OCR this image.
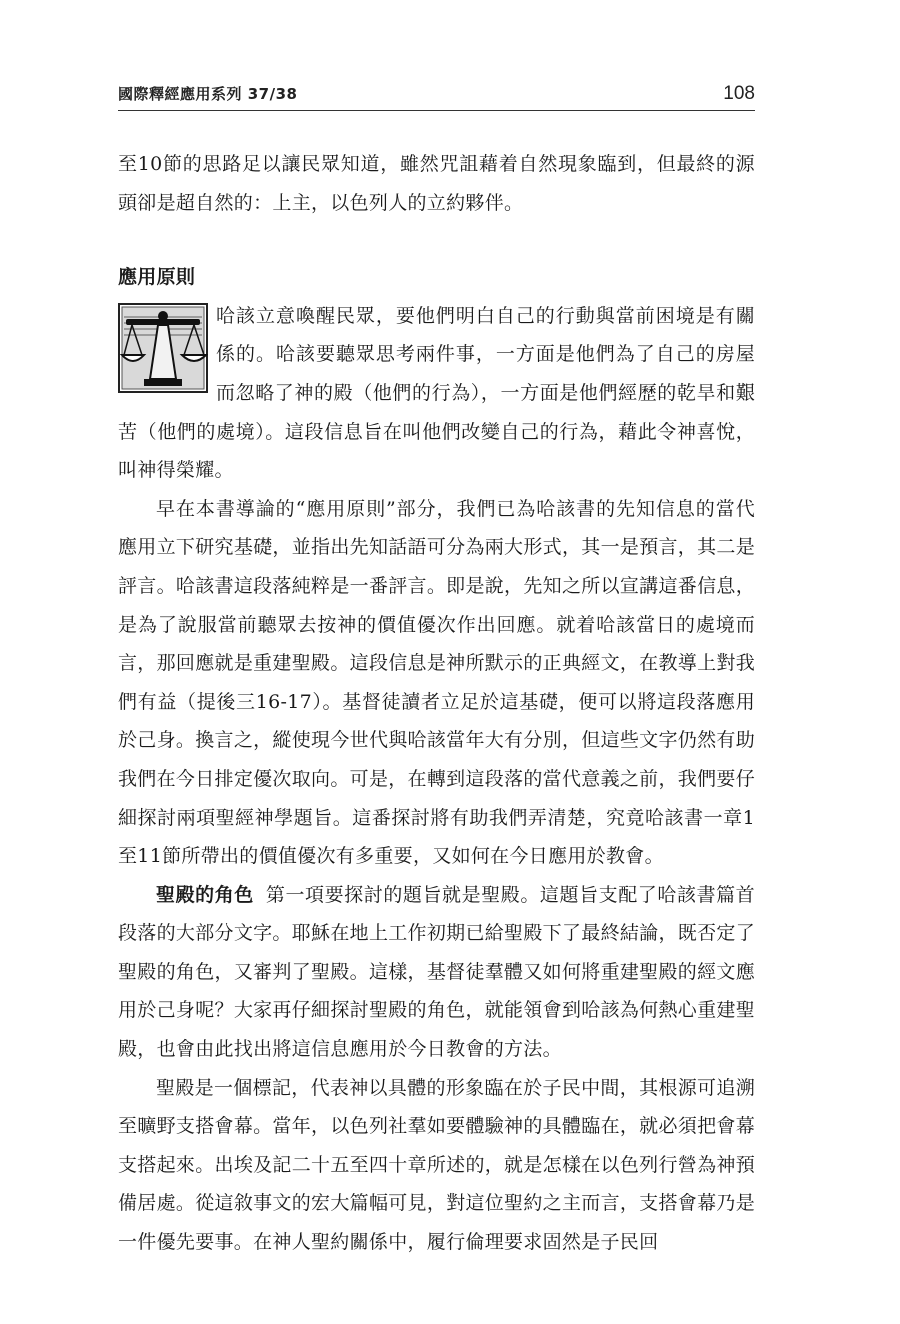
國際釋經應用系列 37/38	108

至10節的思路足以讓民眾知道，雖然咒詛藉着自然現象臨到，但最終的源頭卻是超自然的：上主，以色列人的立約夥伴。

應用原則

哈該立意喚醒民眾，要他們明白自己的行動與當前困境是有關係的。哈該要聽眾思考兩件事，一方面是他們為了自己的房屋而忽略了神的殿（他們的行為），一方面是他們經歷的乾旱和艱苦（他們的處境）。這段信息旨在叫他們改變自己的行為，藉此令神喜悅，叫神得榮耀。

早在本書導論的“應用原則”部分，我們已為哈該書的先知信息的當代應用立下研究基礎，並指出先知話語可分為兩大形式，其一是預言，其二是評言。哈該書這段落純粹是一番評言。即是說，先知之所以宣講這番信息，是為了說服當前聽眾去按神的價值優次作出回應。就着哈該當日的處境而言，那回應就是重建聖殿。這段信息是神所默示的正典經文，在教導上對我們有益（提後三16-17）。基督徒讀者立足於這基礎，便可以將這段落應用於己身。換言之，縱使現今世代與哈該當年大有分別，但這些文字仍然有助我們在今日排定優次取向。可是，在轉到這段落的當代意義之前，我們要仔細探討兩項聖經神學題旨。這番探討將有助我們弄清楚，究竟哈該書一章1至11節所帶出的價值優次有多重要，又如何在今日應用於教會。

聖殿的角色 第一項要探討的題旨就是聖殿。這題旨支配了哈該書篇首段落的大部分文字。耶穌在地上工作初期已給聖殿下了最終結論，既否定了聖殿的角色，又審判了聖殿。這樣，基督徒羣體又如何將重建聖殿的經文應用於己身呢？大家再仔細探討聖殿的角色，就能領會到哈該為何熱心重建聖殿，也會由此找出將這信息應用於今日教會的方法。

聖殿是一個標記，代表神以具體的形象臨在於子民中間，其根源可追溯至曠野支搭會幕。當年，以色列社羣如要體驗神的具體臨在，就必須把會幕支搭起來。出埃及記二十五至四十章所述的，就是怎樣在以色列行營為神預備居處。從這敘事文的宏大篇幅可見，對這位聖約之主而言，支搭會幕乃是一件優先要事。在神人聖約關係中，履行倫理要求固然是子民回
